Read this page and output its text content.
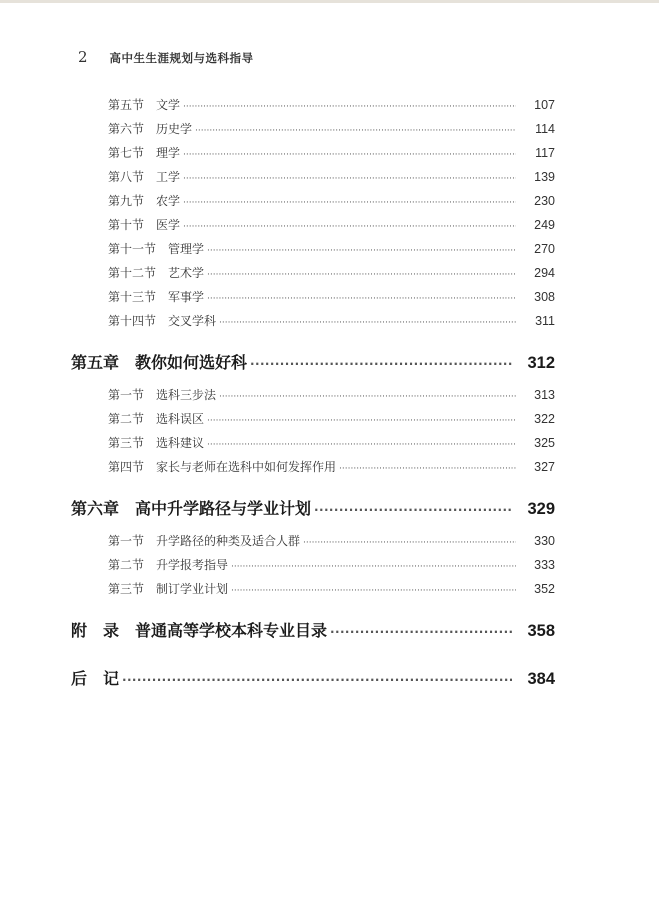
2 高中生生涯规划与选科指导
第五节 文学 ·····	107
第六节 历史学 ·····	114
第七节 理学 ·····	117
第八节 工学 ·····	139
第九节 农学 ·····	230
第十节 医学 ·····	249
第十一节 管理学 ·····	270
第十二节 艺术学 ·····	294
第十三节 军事学 ·····	308
第十四节 交叉学科 ·····	311
第五章 教你如何选好科 ·····	312
第一节 选科三步法 ·····	313
第二节 选科误区 ·····	322
第三节 选科建议 ·····	325
第四节 家长与老师在选科中如何发挥作用 ·····	327
第六章 高中升学路径与学业计划 ·····	329
第一节 升学路径的种类及适合人群 ·····	330
第二节 升学报考指导 ·····	333
第三节 制订学业计划 ·····	352
附　录 普通高等学校本科专业目录 ·····	358
后　记 ·····	384
